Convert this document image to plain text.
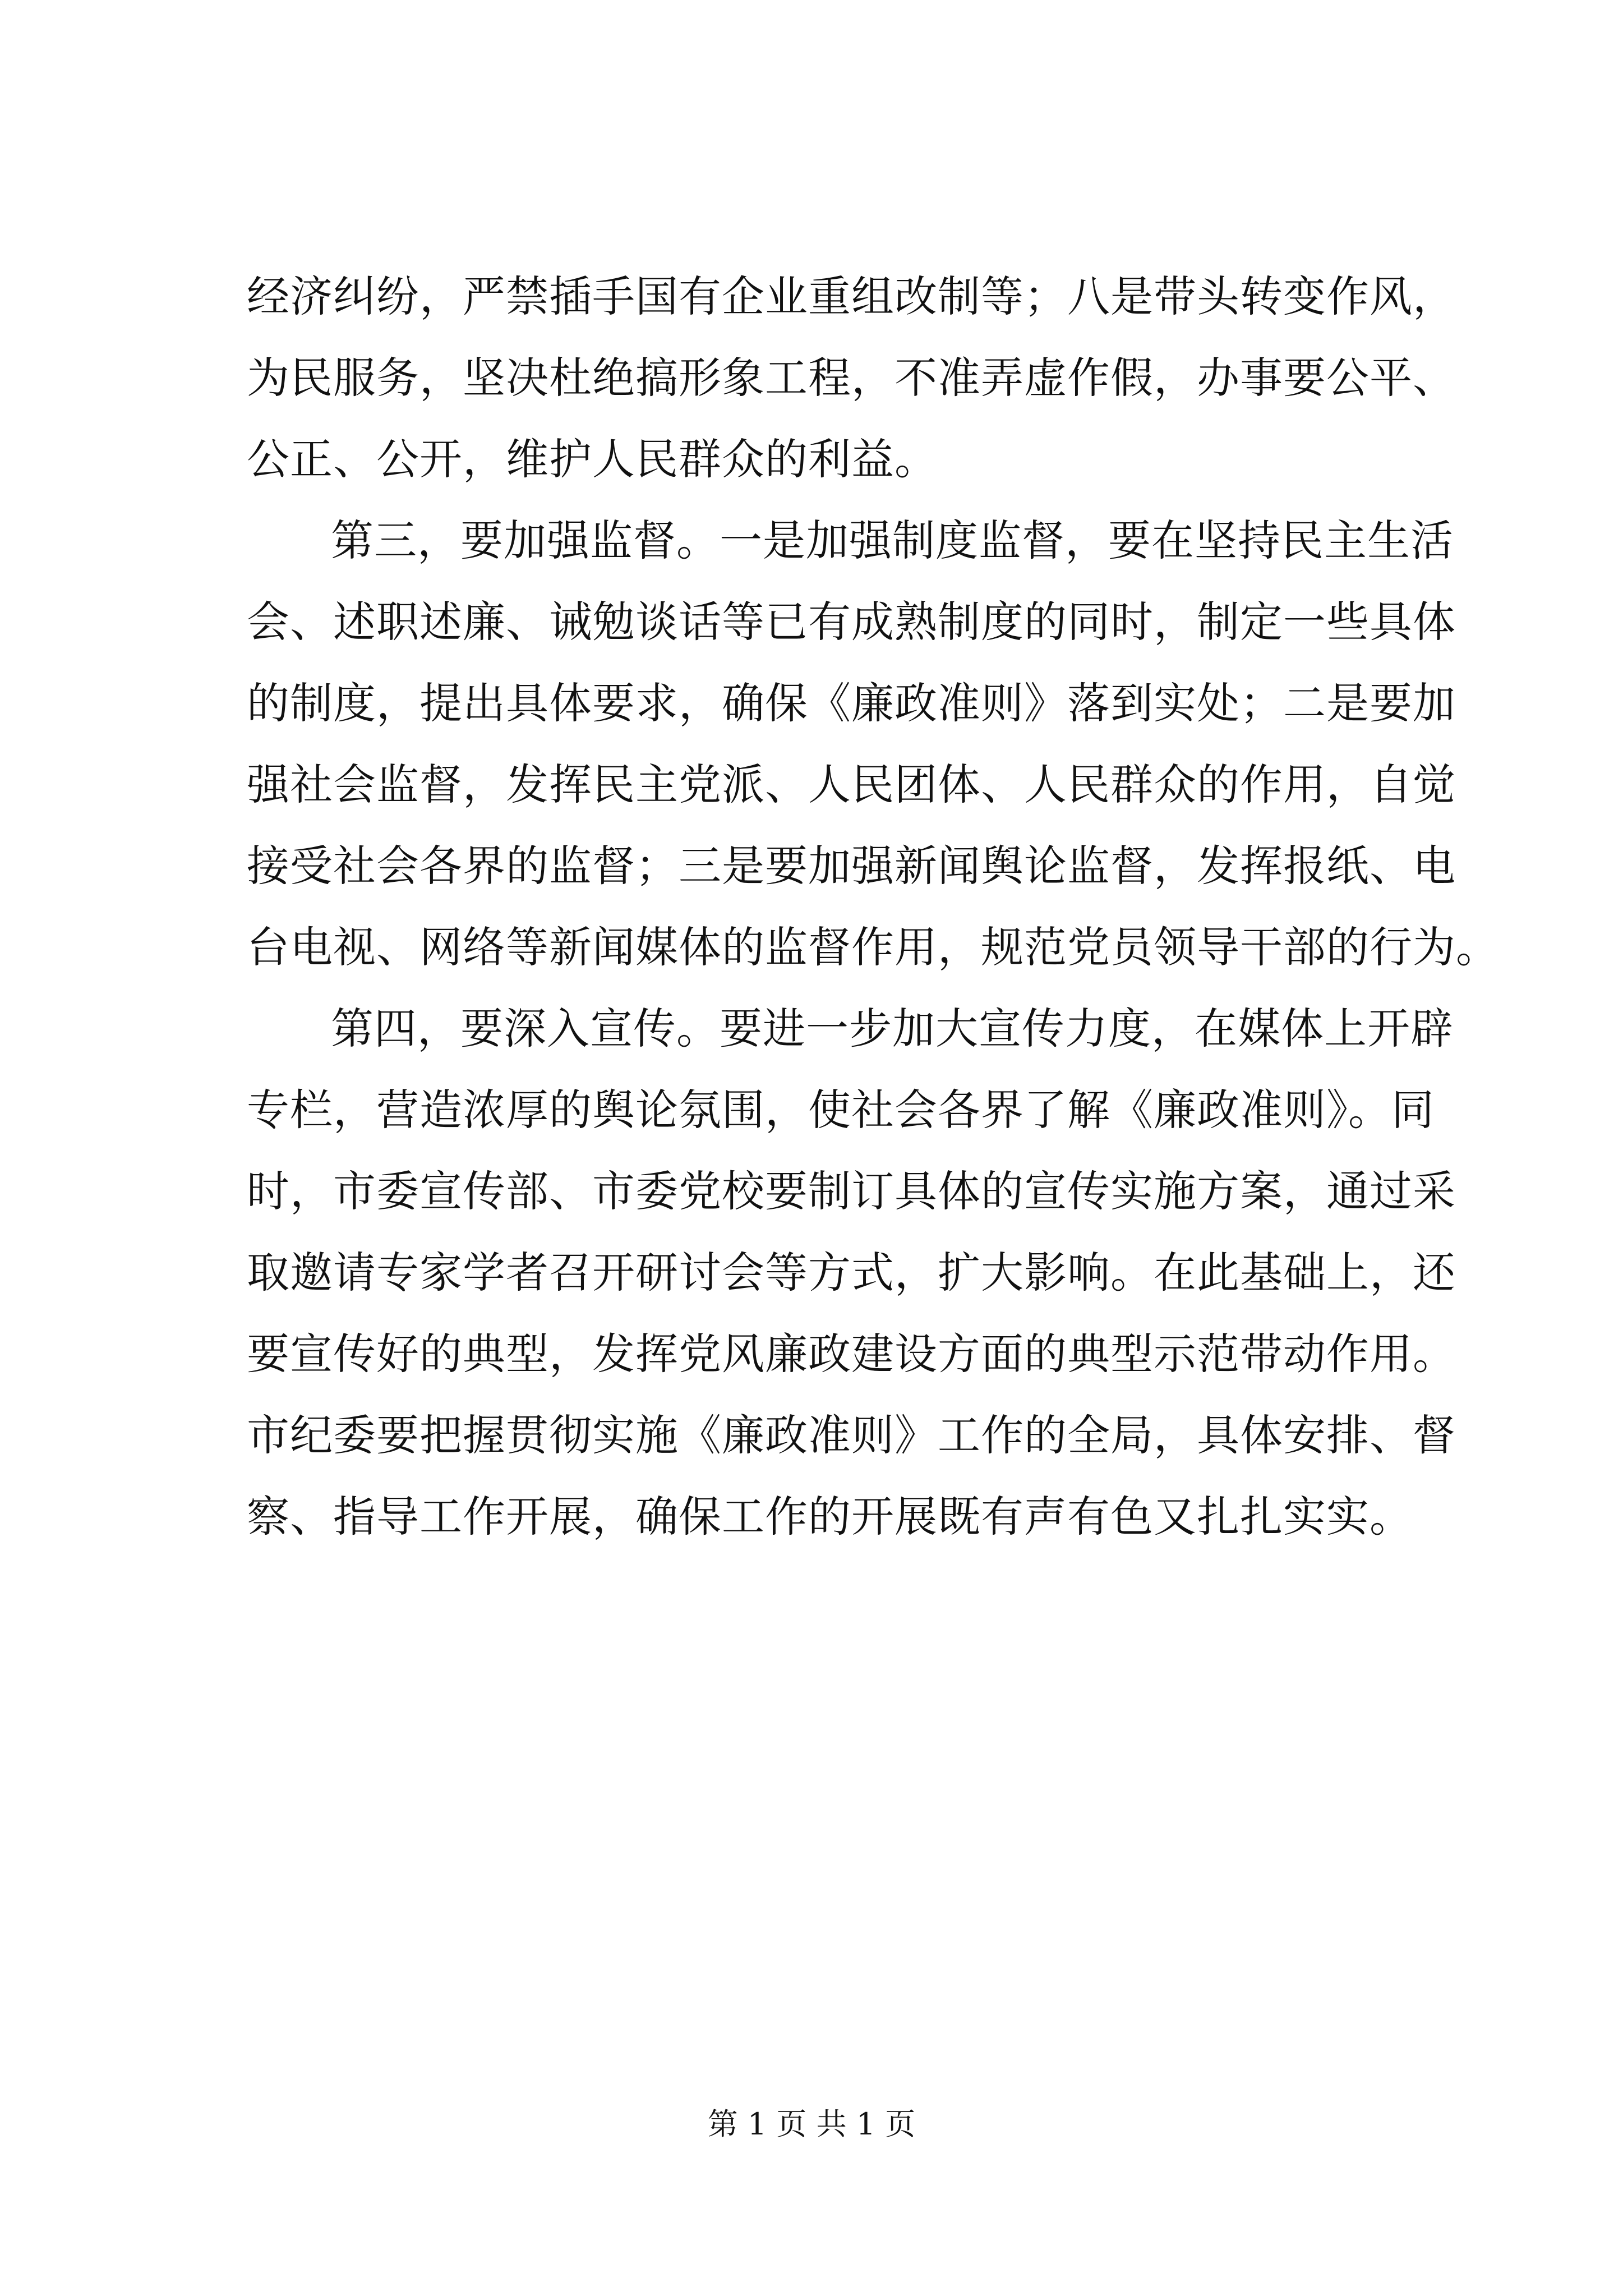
经济纠纷，严禁插手国有企业重组改制等；八是带头转变作风，
为民服务，坚决杜绝搞形象工程，不准弄虚作假，办事要公平、
公正、公开，维护人民群众的利益。
第三，要加强监督。一是加强制度监督，要在坚持民主生活
会、述职述廉、诫勉谈话等已有成熟制度的同时，制定一些具体
的制度，提出具体要求，确保《廉政准则》落到实处；二是要加
强社会监督，发挥民主党派、人民团体、人民群众的作用，自觉
接受社会各界的监督；三是要加强新闻舆论监督，发挥报纸、电
台电视、网络等新闻媒体的监督作用，规范党员领导干部的行为。
第四，要深入宣传。要进一步加大宣传力度，在媒体上开辟
专栏，营造浓厚的舆论氛围，使社会各界了解《廉政准则》。同
时，市委宣传部、市委党校要制订具体的宣传实施方案，通过采
取邀请专家学者召开研讨会等方式，扩大影响。在此基础上，还
要宣传好的典型，发挥党风廉政建设方面的典型示范带动作用。
市纪委要把握贯彻实施《廉政准则》工作的全局，具体安排、督
察、指导工作开展，确保工作的开展既有声有色又扎扎实实。
第 1 页 共 1 页
